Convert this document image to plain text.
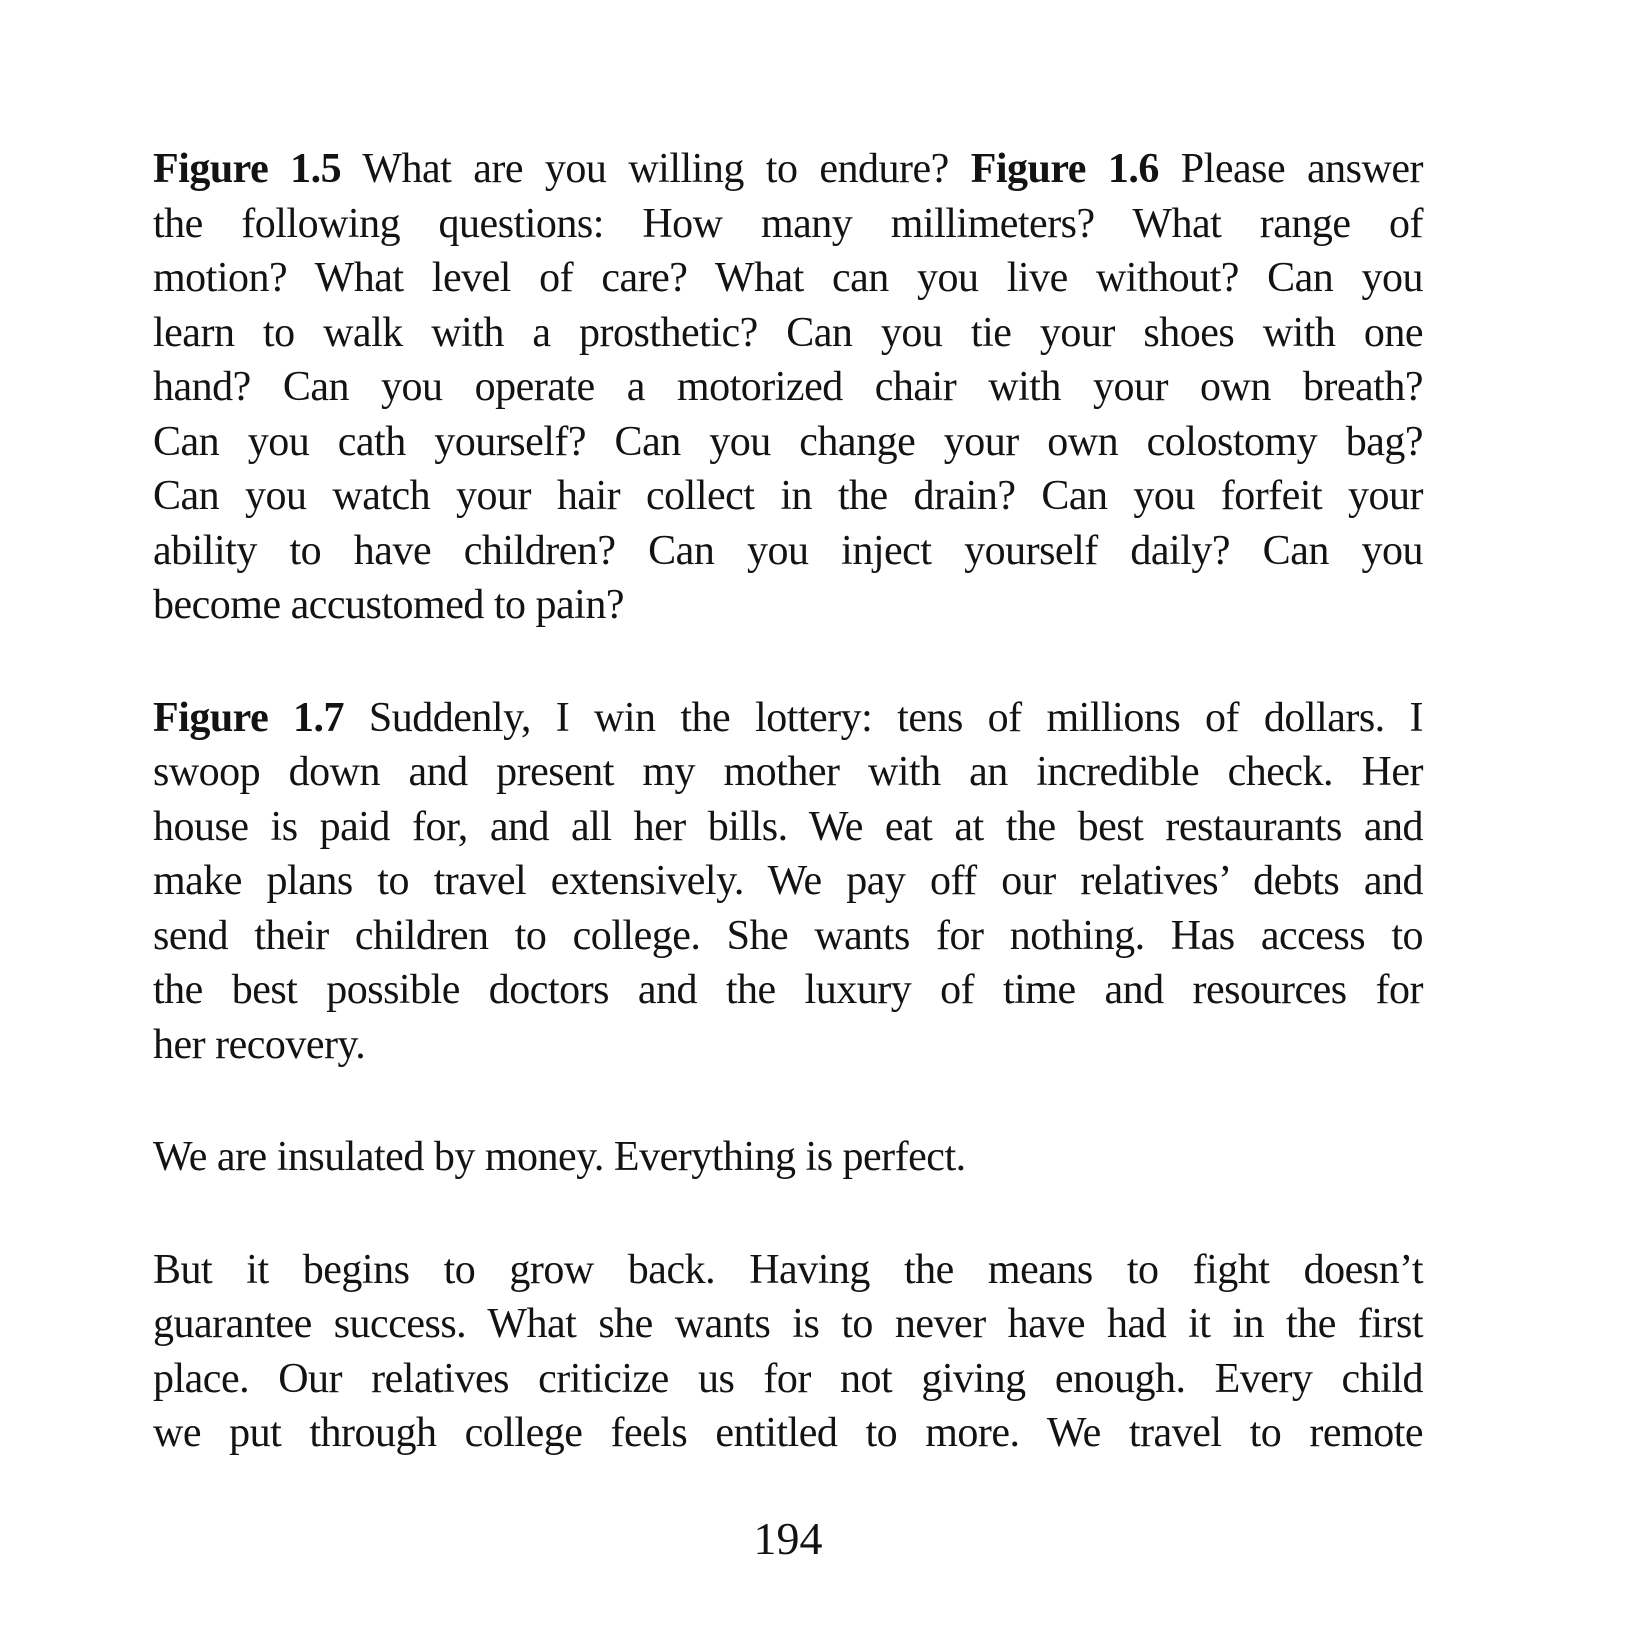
Figure 1.5 What are you willing to endure? Figure 1.6 Please answer
the following questions: How many millimeters? What range of
motion? What level of care? What can you live without? Can you
learn to walk with a prosthetic? Can you tie your shoes with one
hand? Can you operate a motorized chair with your own breath?
Can you cath yourself? Can you change your own colostomy bag?
Can you watch your hair collect in the drain? Can you forfeit your
ability to have children? Can you inject yourself daily? Can you
become accustomed to pain?

Figure 1.7 Suddenly, I win the lottery: tens of millions of dollars. I
swoop down and present my mother with an incredible check. Her
house is paid for, and all her bills. We eat at the best restaurants and
make plans to travel extensively. We pay off our relatives’ debts and
send their children to college. She wants for nothing. Has access to
the best possible doctors and the luxury of time and resources for
her recovery.

We are insulated by money. Everything is perfect.

But it begins to grow back. Having the means to fight doesn’t
guarantee success. What she wants is to never have had it in the first
place. Our relatives criticize us for not giving enough. Every child
we put through college feels entitled to more. We travel to remote

194
